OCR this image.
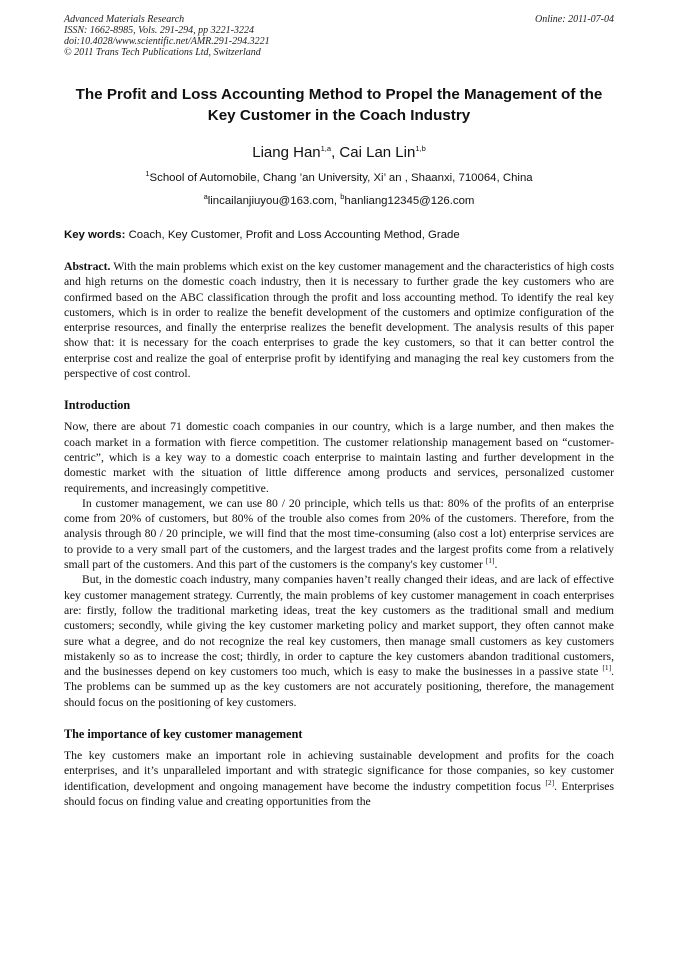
Advanced Materials Research
ISSN: 1662-8985, Vols. 291-294, pp 3221-3224
doi:10.4028/www.scientific.net/AMR.291-294.3221
© 2011 Trans Tech Publications Ltd, Switzerland
Online: 2011-07-04
The Profit and Loss Accounting Method to Propel the Management of the Key Customer in the Coach Industry
Liang Han$^{1,a}$, Cai Lan Lin$^{1,b}$
$^1$School of Automobile, Chang ’an University, Xi’ an , Shaanxi, 710064, China
$^a$lincailanjiuyou@163.com, $^b$hanliang12345@126.com
Key words: Coach, Key Customer, Profit and Loss Accounting Method, Grade
Abstract. With the main problems which exist on the key customer management and the characteristics of high costs and high returns on the domestic coach industry, then it is necessary to further grade the key customers who are confirmed based on the ABC classification through the profit and loss accounting method. To identify the real key customers, which is in order to realize the benefit development of the customers and optimize configuration of the enterprise resources, and finally the enterprise realizes the benefit development. The analysis results of this paper show that: it is necessary for the coach enterprises to grade the key customers, so that it can better control the enterprise cost and realize the goal of enterprise profit by identifying and managing the real key customers from the perspective of cost control.
Introduction

Now, there are about 71 domestic coach companies in our country, which is a large number, and then makes the coach market in a formation with fierce competition. The customer relationship management based on “customer-centric”, which is a key way to a domestic coach enterprise to maintain lasting and further development in the domestic market with the situation of little difference among products and services, personalized customer requirements, and increasingly competitive.

In customer management, we can use 80 / 20 principle, which tells us that: 80% of the profits of an enterprise come from 20% of customers, but 80% of the trouble also comes from 20% of the customers. Therefore, from the analysis through 80 / 20 principle, we will find that the most time-consuming (also cost a lot) enterprise services are to provide to a very small part of the customers, and the largest trades and the largest profits come from a relatively small part of the customers. And this part of the customers is the company's key customer [1].

But, in the domestic coach industry, many companies haven’t really changed their ideas, and are lack of effective key customer management strategy. Currently, the main problems of key customer management in coach enterprises are: firstly, follow the traditional marketing ideas, treat the key customers as the traditional small and medium customers; secondly, while giving the key customer marketing policy and market support, they often cannot make sure what a degree, and do not recognize the real key customers, then manage small customers as key customers mistakenly so as to increase the cost; thirdly, in order to capture the key customers abandon traditional customers, and the businesses depend on key customers too much, which is easy to make the businesses in a passive state [1]. The problems can be summed up as the key customers are not accurately positioning, therefore, the management should focus on the positioning of key customers.

The importance of key customer management

The key customers make an important role in achieving sustainable development and profits for the coach enterprises, and it’s unparalleled important and with strategic significance for those companies, so key customer identification, development and ongoing management have become the industry competition focus [2]. Enterprises should focus on finding value and creating opportunities from the
